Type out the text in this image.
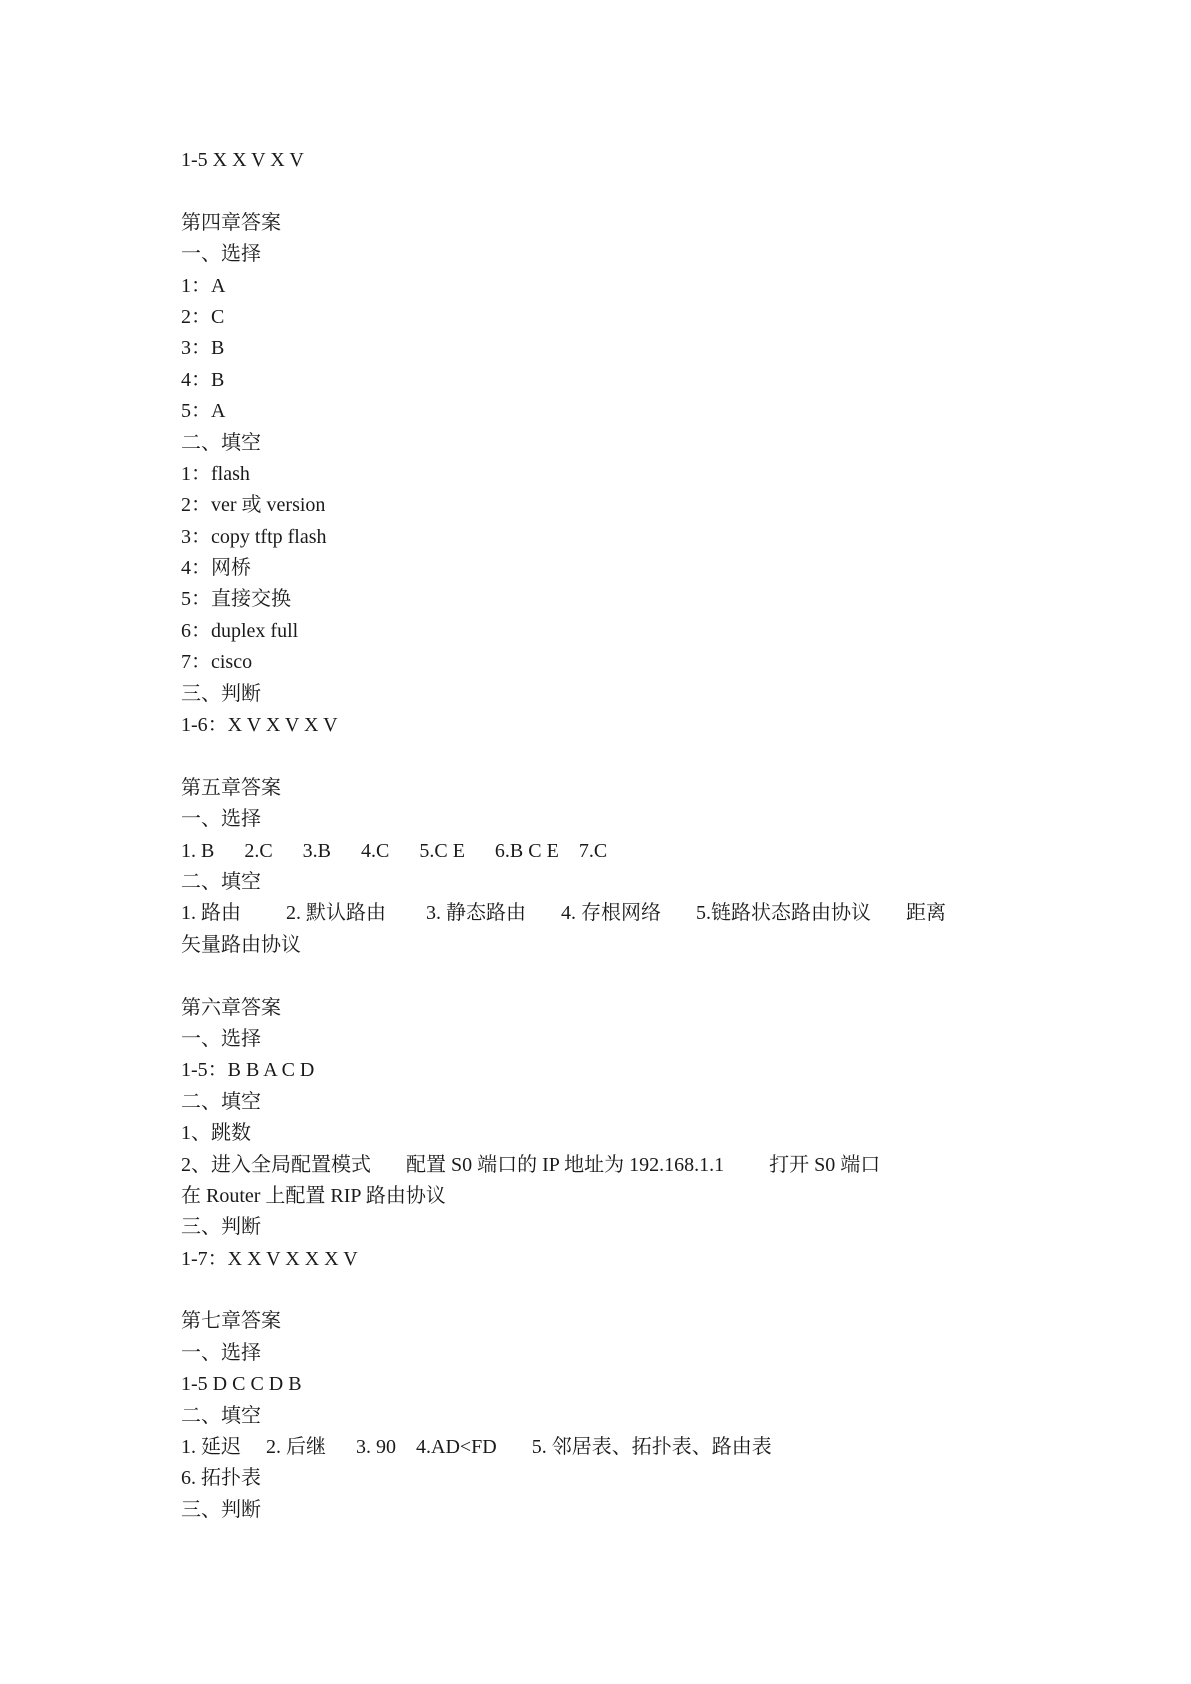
1-5 X X V X V
第四章答案
一、选择
1：A
2：C
3：B
4：B
5：A
二、填空
1：flash
2：ver 或 version
3：copy tftp flash
4：网桥
5：直接交换
6：duplex full
7：cisco
三、判断
1-6：X V X V X V
第五章答案
一、选择
1. B      2.C      3.B      4.C      5.C E      6.B C E    7.C
二、填空
1. 路由         2. 默认路由        3. 静态路由       4. 存根网络       5.链路状态路由协议       距离
矢量路由协议
第六章答案
一、选择
1-5：B B A C D
二、填空
1、跳数
2、进入全局配置模式       配置 S0 端口的 IP 地址为 192.168.1.1         打开 S0 端口
在 Router 上配置 RIP 路由协议
三、判断
1-7：X X V X X X V
第七章答案
一、选择
1-5 D C C D B
二、填空
1. 延迟     2. 后继      3. 90    4.AD<FD       5. 邻居表、拓扑表、路由表
6. 拓扑表
三、判断
